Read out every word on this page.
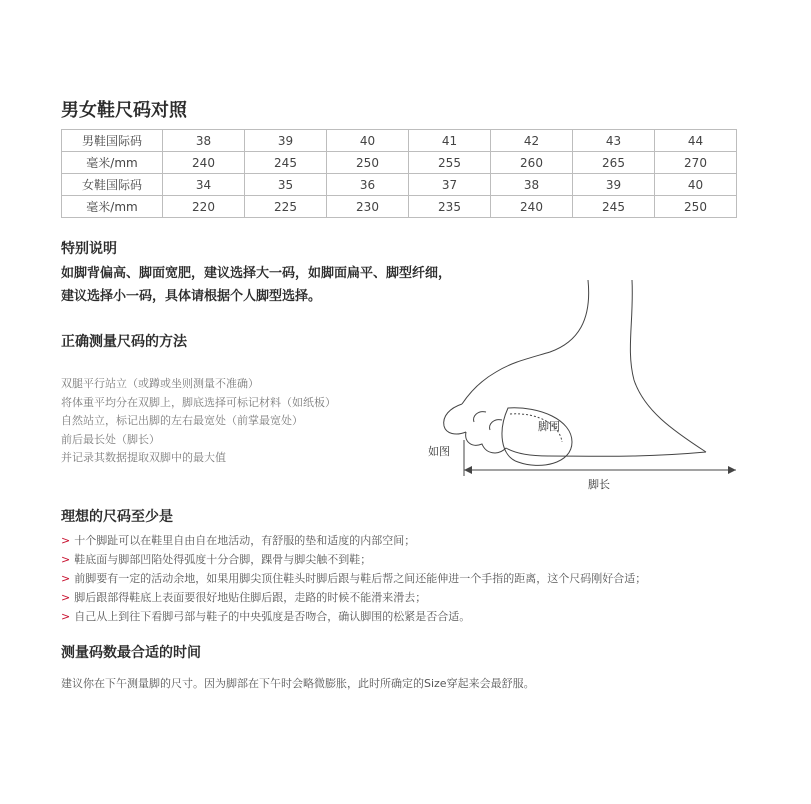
男女鞋尺码对照
男鞋国际码	38	39	40	41	42	43	44
毫米/mm	240	245	250	255	260	265	270
女鞋国际码	34	35	36	37	38	39	40
毫米/mm	220	225	230	235	240	245	250
特别说明
如脚背偏高、脚面宽肥，建议选择大一码，如脚面扁平、脚型纤细，
建议选择小一码，具体请根据个人脚型选择。
正确测量尺码的方法
双腿平行站立（或蹲或坐则测量不准确）
将体重平均分在双脚上，脚底选择可标记材料（如纸板）
自然站立，标记出脚的左右最宽处（前掌最宽处）
前后最长处（脚长）
并记录其数据提取双脚中的最大值
脚围
脚长
如图
理想的尺码至少是
> 十个脚趾可以在鞋里自由自在地活动，有舒服的垫和适度的内部空间；
> 鞋底面与脚部凹陷处得弧度十分合脚，踝骨与脚尖触不到鞋；
> 前脚要有一定的活动余地，如果用脚尖顶住鞋头时脚后跟与鞋后帮之间还能伸进一个手指的距离，这个尺码刚好合适；
> 脚后跟部得鞋底上表面要很好地贴住脚后跟，走路的时候不能滑来滑去；
> 自己从上到往下看脚弓部与鞋子的中央弧度是否吻合，确认脚围的松紧是否合适。
测量码数最合适的时间
建议你在下午测量脚的尺寸。因为脚部在下午时会略微膨胀，此时所确定的Size穿起来会最舒服。
